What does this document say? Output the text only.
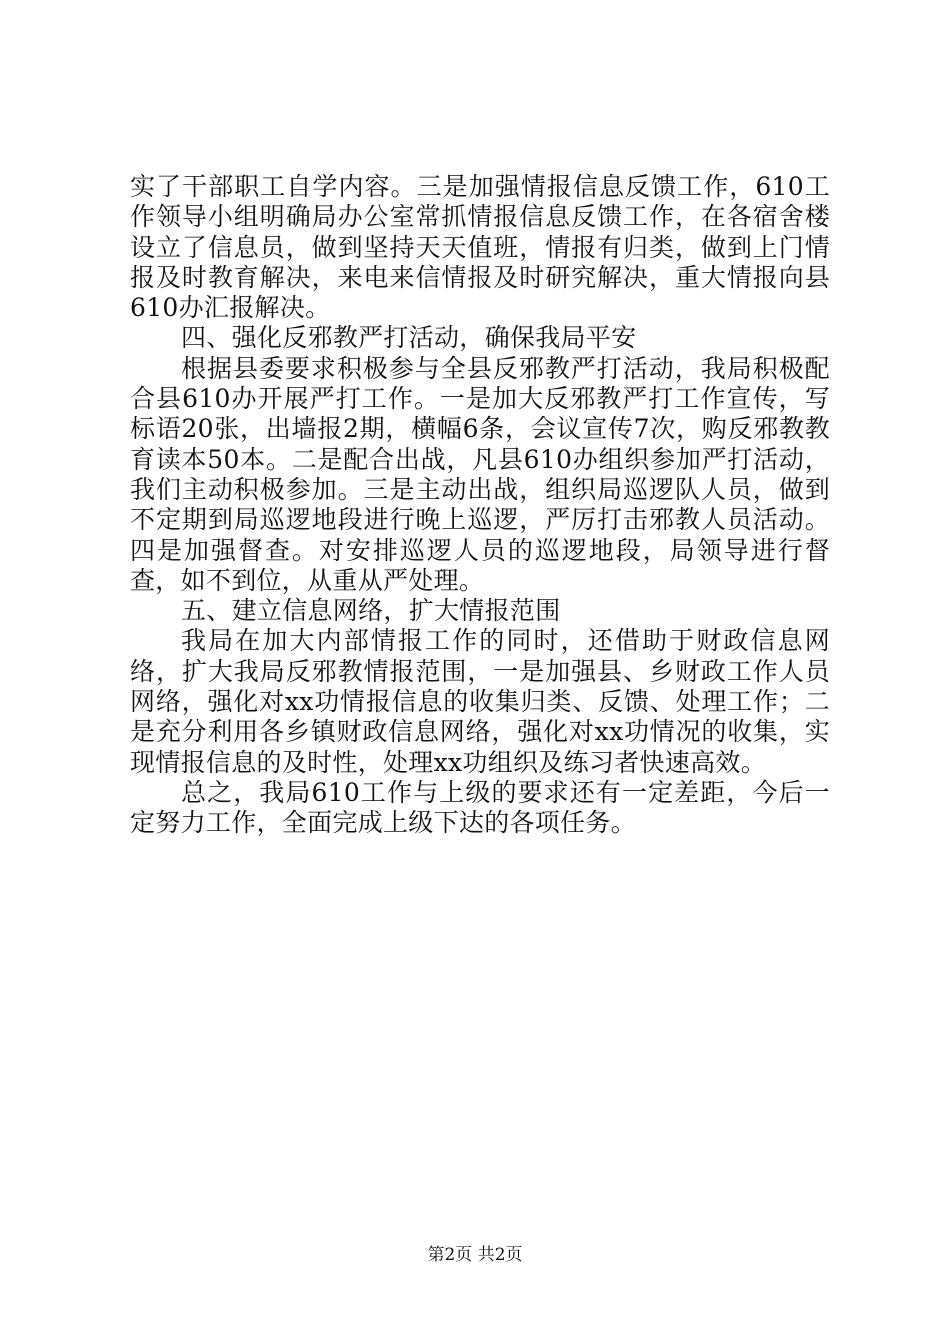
实了干部职工自学内容。三是加强情报信息反馈工作，610工作领导小组明确局办公室常抓情报信息反馈工作，在各宿舍楼设立了信息员，做到坚持天天值班，情报有归类，做到上门情报及时教育解决，来电来信情报及时研究解决，重大情报向县610办汇报解决。

四、强化反邪教严打活动，确保我局平安

根据县委要求积极参与全县反邪教严打活动，我局积极配合县610办开展严打工作。一是加大反邪教严打工作宣传，写标语20张，出墙报2期，横幅6条，会议宣传7次，购反邪教教育读本50本。二是配合出战，凡县610办组织参加严打活动，我们主动积极参加。三是主动出战，组织局巡逻队人员，做到不定期到局巡逻地段进行晚上巡逻，严厉打击邪教人员活动。四是加强督查。对安排巡逻人员的巡逻地段，局领导进行督查，如不到位，从重从严处理。

五、建立信息网络，扩大情报范围

我局在加大内部情报工作的同时，还借助于财政信息网络，扩大我局反邪教情报范围，一是加强县、乡财政工作人员网络，强化对xx功情报信息的收集归类、反馈、处理工作；二是充分利用各乡镇财政信息网络，强化对xx功情况的收集，实现情报信息的及时性，处理xx功组织及练习者快速高效。

总之，我局610工作与上级的要求还有一定差距，今后一定努力工作，全面完成上级下达的各项任务。

第2页 共2页
